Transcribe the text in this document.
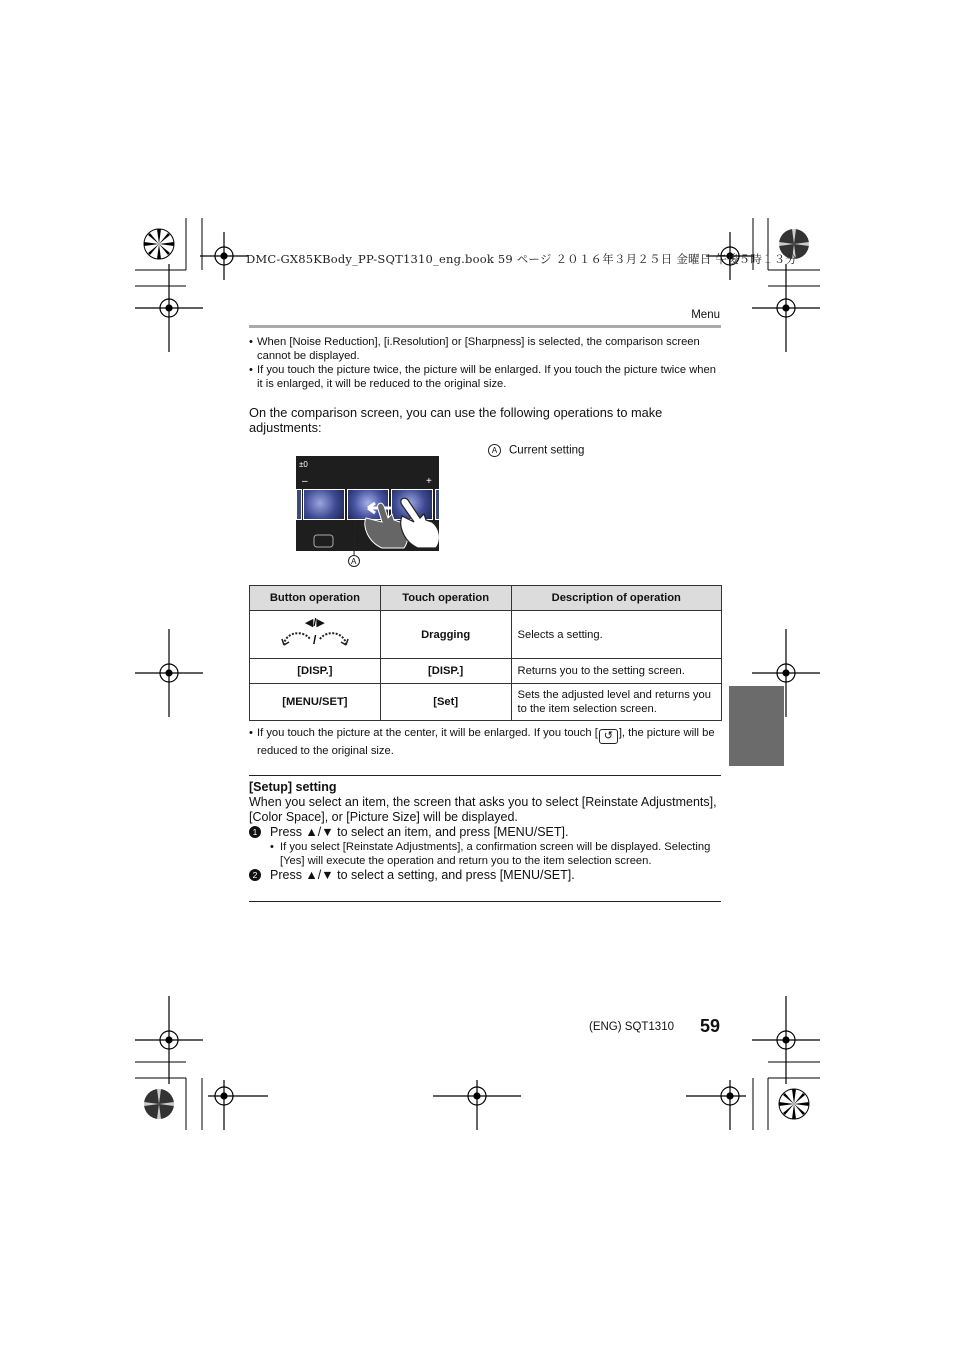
DMC-GX85KBody_PP-SQT1310_eng.book 59 ページ ２０１６年３月２５日 金曜日 午後５時１３分
Menu

• When [Noise Reduction], [i.Resolution] or [Sharpness] is selected, the comparison screen cannot be displayed.

• If you touch the picture twice, the picture will be enlarged. If you touch the picture twice when it is enlarged, it will be reduced to the original size.

On the comparison screen, you can use the following operations to make adjustments:
±0
–	+
A
A Current setting
Button operation	Touch operation	Description of operation

◀/▶
/	Dragging	Selects a setting.
[DISP.]	[DISP.]	Returns you to the setting screen.
[MENU/SET]	[Set]	Sets the adjusted level and returns you to the item selection screen.

• If you touch the picture at the center, it will be enlarged. If you touch [ ↺ ], the picture will be reduced to the original size.

[Setup] setting
When you select an item, the screen that asks you to select [Reinstate Adjustments], [Color Space], or [Picture Size] will be displayed.
1 Press ▲/▼ to select an item, and press [MENU/SET].
• If you select [Reinstate Adjustments], a confirmation screen will be displayed. Selecting [Yes] will execute the operation and return you to the item selection screen.
2 Press ▲/▼ to select a setting, and press [MENU/SET].
(ENG) SQT1310	59
